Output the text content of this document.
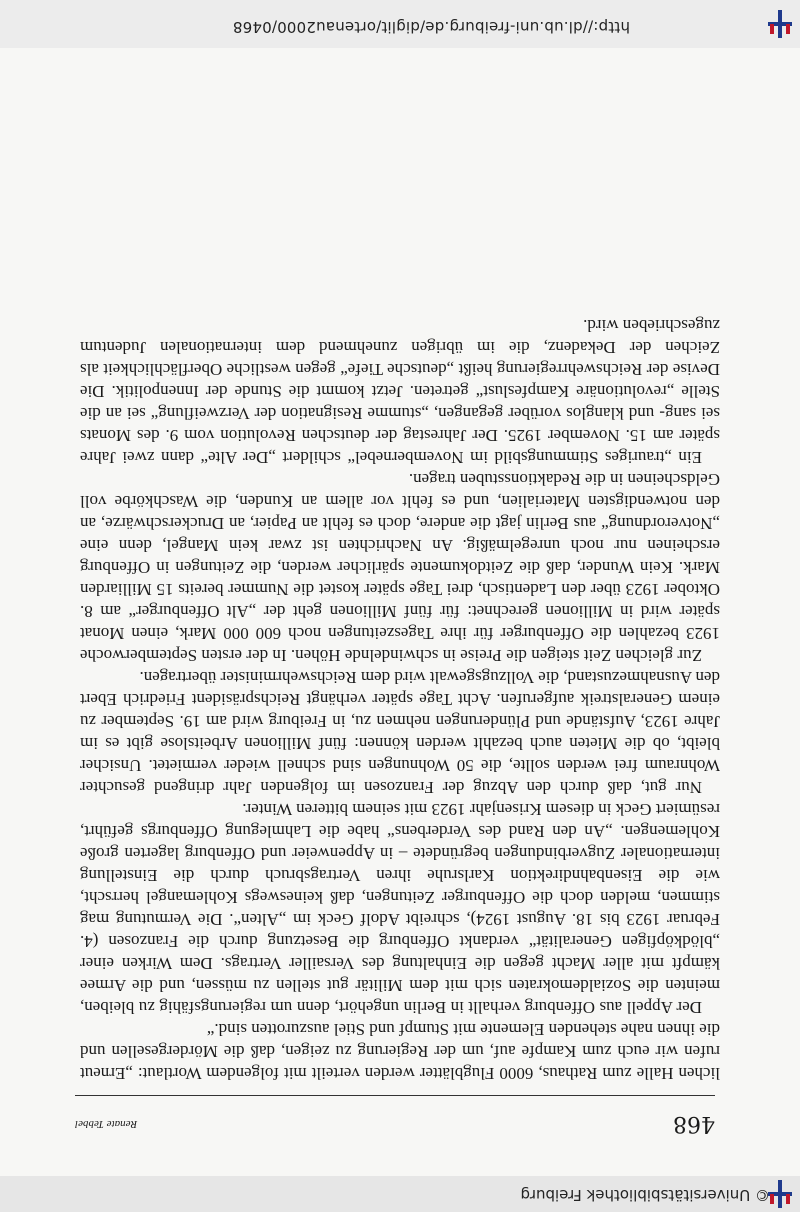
© Universitätsbibliothek Freiburg
468
Renate Tebbel

lichen Halle zum Rathaus, 6000 Flugblätter werden verteilt mit folgendem Wortlaut: „Erneut rufen wir euch zum Kampfe auf, um der Regierung zu zeigen, daß die Mördergesellen und die ihnen nahe stehenden Elemente mit Stumpf und Stiel auszurotten sind.“

Der Appell aus Offenburg verhallt in Berlin ungehört, denn um regierungsfähig zu bleiben, meinten die Sozialdemokraten sich mit dem Militär gut stellen zu müssen, und die Armee kämpft mit aller Macht gegen die Einhaltung des Versailler Vertrags. Dem Wirken einer „blödköpfigen Generalität“ verdankt Offenburg die Besetzung durch die Franzosen (4. Februar 1923 bis 18. August 1924), schreibt Adolf Geck im „Alten“. Die Vermutung mag stimmen, melden doch die Offenburger Zeitungen, daß keineswegs Kohlemangel herrscht, wie die Eisenbahndirektion Karlsruhe ihren Vertragsbruch durch die Einstellung internationaler Zugverbindungen begründete – in Appenweier und Offenburg lagerten große Kohlemengen. „An den Rand des Verderbens“ habe die Lahmlegung Offenburgs geführt, resümiert Geck in diesem Krisenjahr 1923 mit seinem bitteren Winter.

Nur gut, daß durch den Abzug der Franzosen im folgenden Jahr dringend gesuchter Wohnraum frei werden sollte, die 50 Wohnungen sind schnell wieder vermietet. Unsicher bleibt, ob die Mieten auch bezahlt werden können: fünf Millionen Arbeitslose gibt es im Jahre 1923, Aufstände und Plünderungen nehmen zu, in Freiburg wird am 19. September zu einem Generalstreik aufgerufen. Acht Tage später verhängt Reichspräsident Friedrich Ebert den Ausnahmezustand, die Vollzugsgewalt wird dem Reichswehrminister übertragen.

Zur gleichen Zeit steigen die Preise in schwindelnde Höhen. In der ersten Septemberwoche 1923 bezahlen die Offenburger für ihre Tageszeitungen noch 600 000 Mark, einen Monat später wird in Millionen gerechnet: für fünf Millionen geht der „Alt Offenburger“ am 8. Oktober 1923 über den Ladentisch, drei Tage später kostet die Nummer bereits 15 Milliarden Mark. Kein Wunder, daß die Zeitdokumente spärlicher werden, die Zeitungen in Offenburg erscheinen nur noch unregelmäßig. An Nachrichten ist zwar kein Mangel, denn eine „Notverordnung“ aus Berlin jagt die andere, doch es fehlt an Papier, an Druckerschwärze, an den notwendigsten Materialien, und es fehlt vor allem an Kunden, die Waschkörbe voll Geldscheinen in die Redaktionsstuben tragen.

Ein „trauriges Stimmungsbild im Novembernebel“ schildert „Der Alte“ dann zwei Jahre später am 15. November 1925. Der Jahrestag der deutschen Revolution vom 9. des Monats sei sang- und klanglos vorüber gegangen, „stumme Resignation der Verzweiflung“ sei an die Stelle „revolutionäre Kampfeslust“ getreten. Jetzt kommt die Stunde der Innenpolitik. Die Devise der Reichswehrregierung heißt „deutsche Tiefe“ gegen westliche Oberflächlichkeit als Zeichen der Dekadenz, die im übrigen zunehmend dem internationalen Judentum zugeschrieben wird.

http://dl.ub.uni-freiburg.de/diglit/ortenau2000/0468
